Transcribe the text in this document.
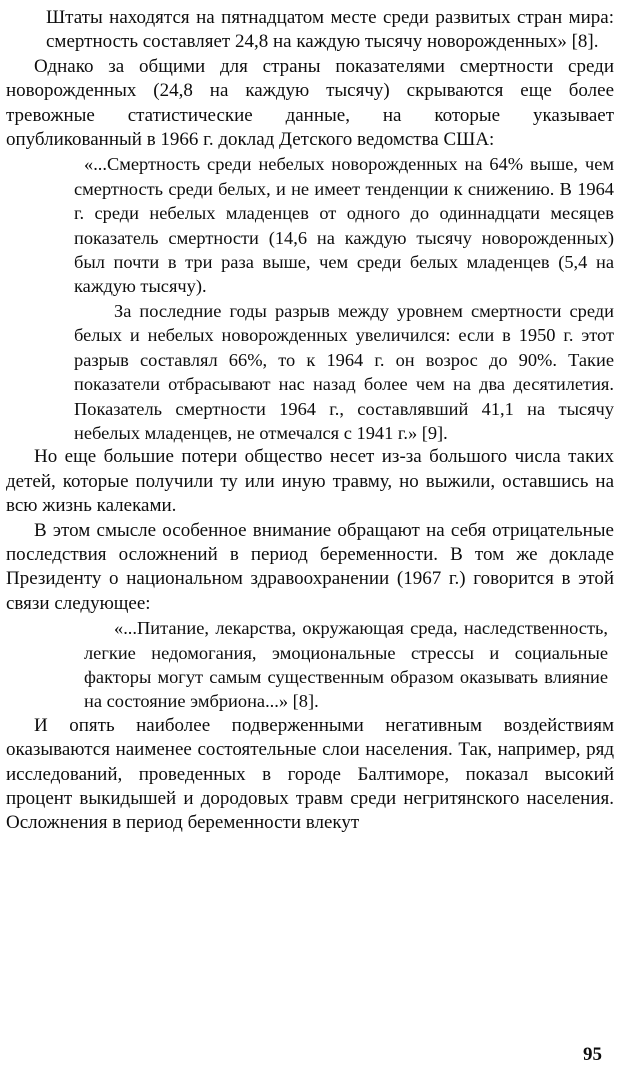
Штаты находятся на пятнадцатом месте среди развитых стран мира: смертность составляет 24,8 на каждую тысячу новорожденных» [8].

Однако за общими для страны показателями смертности среди новорожденных (24,8 на каждую тысячу) скрываются еще более тревожные статистические данные, на которые указывает опубликованный в 1966 г. доклад Детского ведомства США:

«...Смертность среди небелых новорожденных на 64% выше, чем смертность среди белых, и не имеет тенденции к снижению. В 1964 г. среди небелых младенцев от одного до одиннадцати месяцев показатель смертности (14,6 на каждую тысячу новорожденных) был почти в три раза выше, чем среди белых младенцев (5,4 на каждую тысячу).

За последние годы разрыв между уровнем смертности среди белых и небелых новорожденных увеличился: если в 1950 г. этот разрыв составлял 66%, то к 1964 г. он возрос до 90%. Такие показатели отбрасывают нас назад более чем на два десятилетия. Показатель смертности 1964 г., составлявший 41,1 на тысячу небелых младенцев, не отмечался с 1941 г.» [9].

Но еще большие потери общество несет из-за большого числа таких детей, которые получили ту или иную травму, но выжили, оставшись на всю жизнь калеками.

В этом смысле особенное внимание обращают на себя отрицательные последствия осложнений в период беременности. В том же докладе Президенту о национальном здравоохранении (1967 г.) говорится в этой связи следующее:

«...Питание, лекарства, окружающая среда, наследственность, легкие недомогания, эмоциональные стрессы и социальные факторы могут самым существенным образом оказывать влияние на состояние эмбриона...» [8].

И опять наиболее подверженными негативным воздействиям оказываются наименее состоятельные слои населения. Так, например, ряд исследований, проведенных в городе Балтиморе, показал высокий процент выкидышей и дородовых травм среди негритянского населения. Осложнения в период беременности влекут

95
